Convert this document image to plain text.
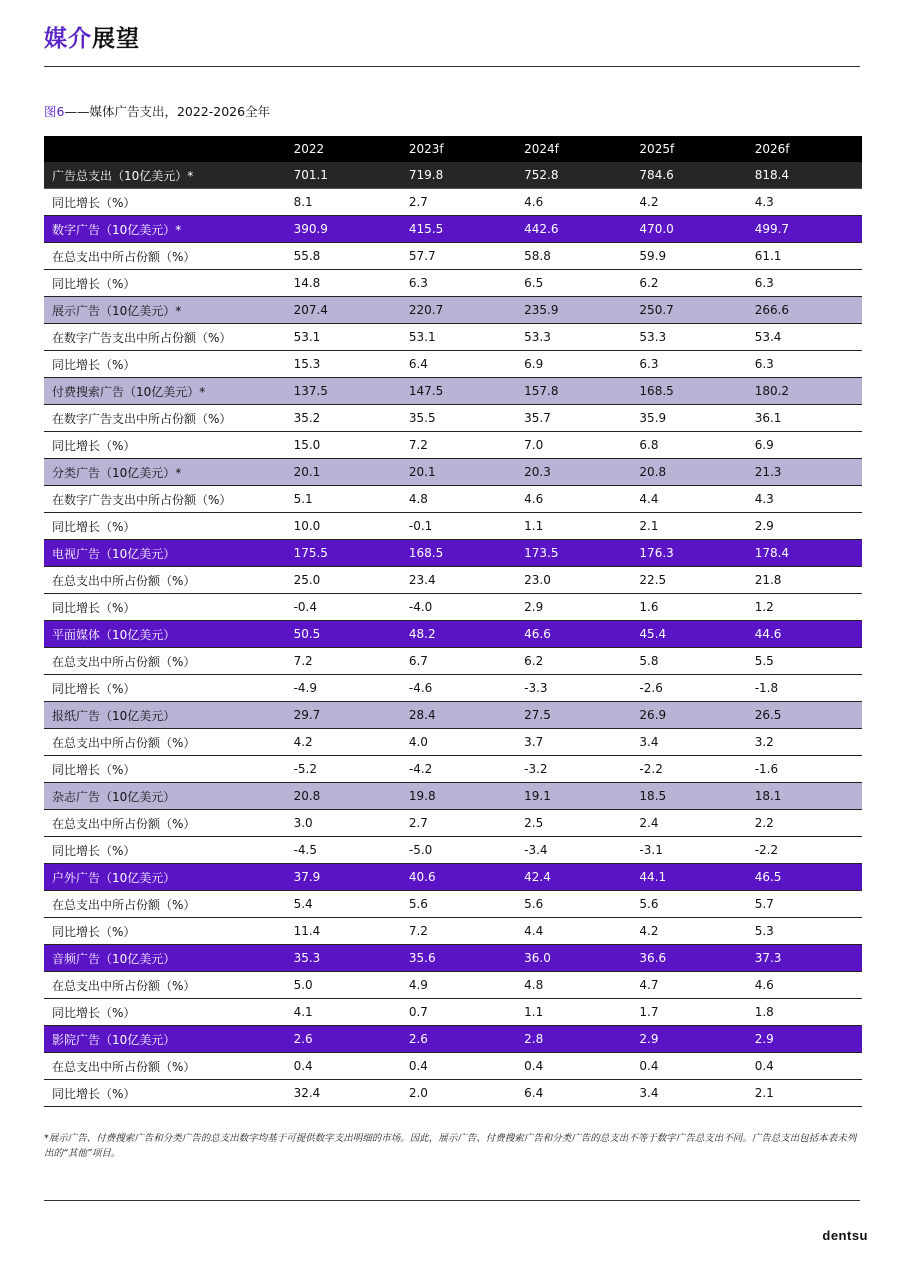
媒介展望
图6——媒体广告支出，2022-2026全年
	2022	2023f	2024f	2025f	2026f
广告总支出（10亿美元）*	701.1	719.8	752.8	784.6	818.4
同比增长（%）	8.1	2.7	4.6	4.2	4.3
数字广告（10亿美元）*	390.9	415.5	442.6	470.0	499.7
在总支出中所占份额（%）	55.8	57.7	58.8	59.9	61.1
同比增长（%）	14.8	6.3	6.5	6.2	6.3
展示广告（10亿美元）*	207.4	220.7	235.9	250.7	266.6
在数字广告支出中所占份额（%）	53.1	53.1	53.3	53.3	53.4
同比增长（%）	15.3	6.4	6.9	6.3	6.3
付费搜索广告（10亿美元）*	137.5	147.5	157.8	168.5	180.2
在数字广告支出中所占份额（%）	35.2	35.5	35.7	35.9	36.1
同比增长（%）	15.0	7.2	7.0	6.8	6.9
分类广告（10亿美元）*	20.1	20.1	20.3	20.8	21.3
在数字广告支出中所占份额（%）	5.1	4.8	4.6	4.4	4.3
同比增长（%）	10.0	-0.1	1.1	2.1	2.9
电视广告（10亿美元）	175.5	168.5	173.5	176.3	178.4
在总支出中所占份额（%）	25.0	23.4	23.0	22.5	21.8
同比增长（%）	-0.4	-4.0	2.9	1.6	1.2
平面媒体（10亿美元）	50.5	48.2	46.6	45.4	44.6
在总支出中所占份额（%）	7.2	6.7	6.2	5.8	5.5
同比增长（%）	-4.9	-4.6	-3.3	-2.6	-1.8
报纸广告（10亿美元）	29.7	28.4	27.5	26.9	26.5
在总支出中所占份额（%）	4.2	4.0	3.7	3.4	3.2
同比增长（%）	-5.2	-4.2	-3.2	-2.2	-1.6
杂志广告（10亿美元）	20.8	19.8	19.1	18.5	18.1
在总支出中所占份额（%）	3.0	2.7	2.5	2.4	2.2
同比增长（%）	-4.5	-5.0	-3.4	-3.1	-2.2
户外广告（10亿美元）	37.9	40.6	42.4	44.1	46.5
在总支出中所占份额（%）	5.4	5.6	5.6	5.6	5.7
同比增长（%）	11.4	7.2	4.4	4.2	5.3
音频广告（10亿美元）	35.3	35.6	36.0	36.6	37.3
在总支出中所占份额（%）	5.0	4.9	4.8	4.7	4.6
同比增长（%）	4.1	0.7	1.1	1.7	1.8
影院广告（10亿美元）	2.6	2.6	2.8	2.9	2.9
在总支出中所占份额（%）	0.4	0.4	0.4	0.4	0.4
同比增长（%）	32.4	2.0	6.4	3.4	2.1
*展示广告、付费搜索广告和分类广告的总支出数字均基于可提供数字支出明细的市场。因此，展示广告、付费搜索广告和分类广告的总支出不等于数字广告总支出不同。广告总支出包括本表未列出的“其他”项目。
dentsu
